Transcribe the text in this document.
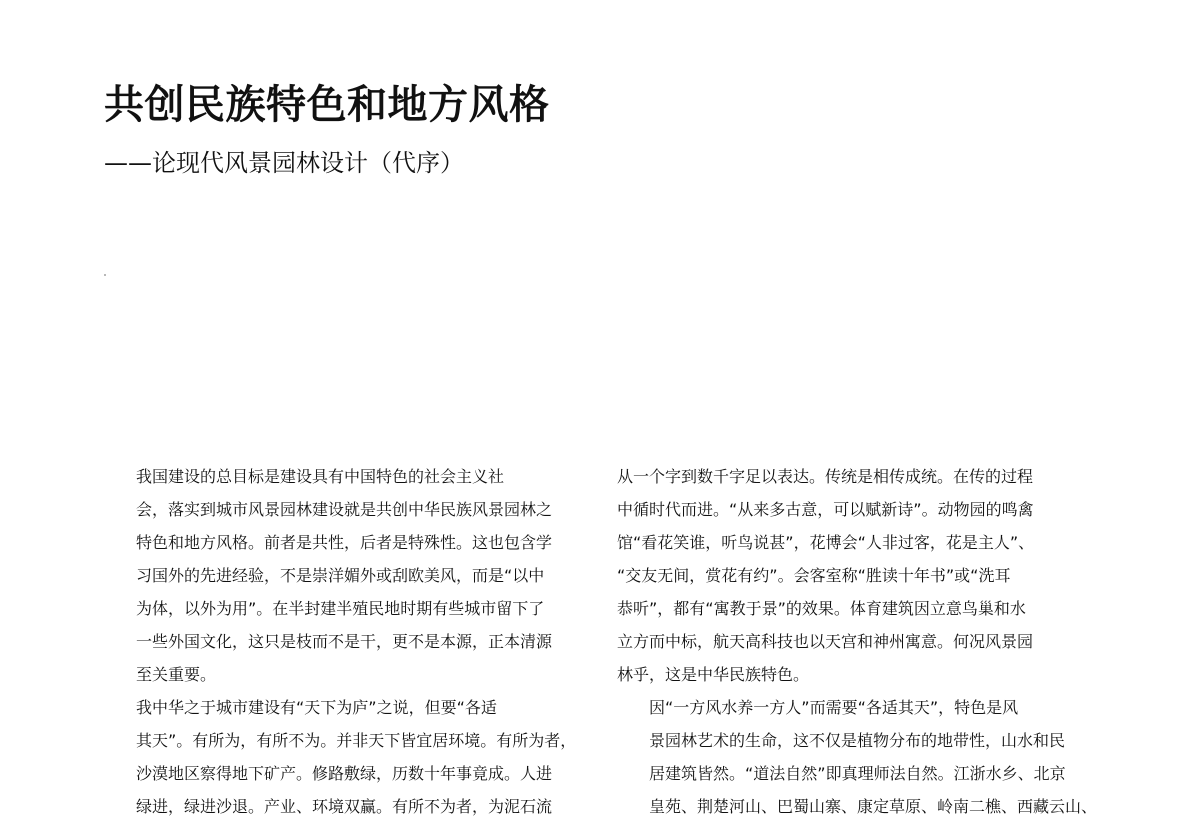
共创民族特色和地方风格
——论现代风景园林设计（代序）

我国建设的总目标是建设具有中国特色的社会主义社
会，落实到城市风景园林建设就是共创中华民族风景园林之
特色和地方风格。前者是共性，后者是特殊性。这也包含学
习国外的先进经验，不是崇洋媚外或刮欧美风，而是“以中
为体，以外为用”。在半封建半殖民地时期有些城市留下了
一些外国文化，这只是枝而不是干，更不是本源，正本清源
至关重要。

我中华之于城市建设有“天下为庐”之说，但要“各适
其天”。有所为，有所不为。并非天下皆宜居环境。有所为者，
沙漠地区察得地下矿产。修路敷绿，历数十年事竟成。人进
绿进，绿进沙退。产业、环境双赢。有所不为者，为泥石流

从一个字到数千字足以表达。传统是相传成统。在传的过程
中循时代而进。“从来多古意，可以赋新诗”。动物园的鸣禽
馆“看花笑谁，听鸟说甚”，花博会“人非过客，花是主人”、
“交友无间，赏花有约”。会客室称“胜读十年书”或“洗耳
恭听”，都有“寓教于景”的效果。体育建筑因立意鸟巢和水
立方而中标，航天高科技也以天宫和神州寓意。何况风景园
林乎，这是中华民族特色。

因“一方风水养一方人”而需要“各适其天”，特色是风
景园林艺术的生命，这不仅是植物分布的地带性，山水和民
居建筑皆然。“道法自然”即真理师法自然。江浙水乡、北京
皇苑、荆楚河山、巴蜀山寨、康定草原、岭南二樵、西藏云山、
